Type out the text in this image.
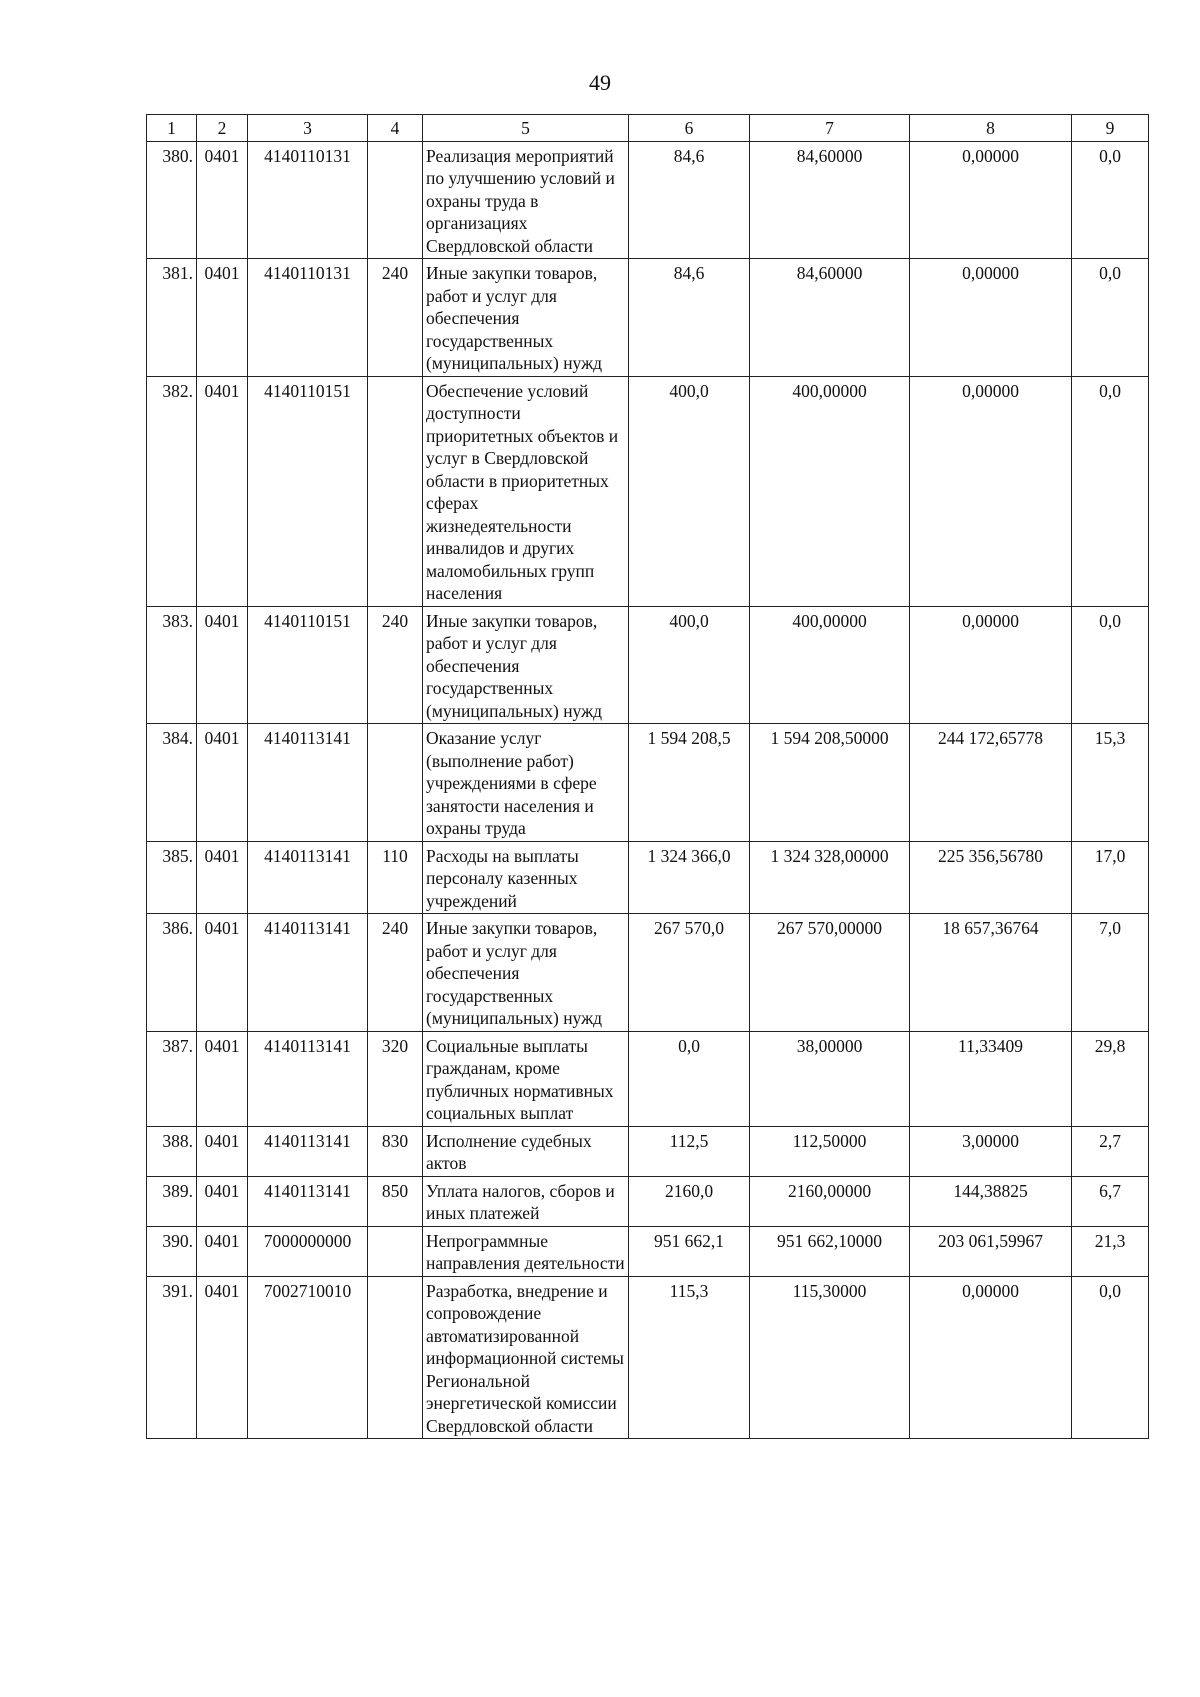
49
1	2	3	4	5	6	7	8	9
380.	0401	4140110131		Реализация мероприятий по улучшению условий и охраны труда в организациях Свердловской области	84,6	84,60000	0,00000	0,0
381.	0401	4140110131	240	Иные закупки товаров, работ и услуг для обеспечения государственных (муниципальных) нужд	84,6	84,60000	0,00000	0,0
382.	0401	4140110151		Обеспечение условий доступности приоритетных объектов и услуг в Свердловской области в приоритетных сферах жизнедеятельности инвалидов и других маломобильных групп населения	400,0	400,00000	0,00000	0,0
383.	0401	4140110151	240	Иные закупки товаров, работ и услуг для обеспечения государственных (муниципальных) нужд	400,0	400,00000	0,00000	0,0
384.	0401	4140113141		Оказание услуг (выполнение работ) учреждениями в сфере занятости населения и охраны труда	1 594 208,5	1 594 208,50000	244 172,65778	15,3
385.	0401	4140113141	110	Расходы на выплаты персоналу казенных учреждений	1 324 366,0	1 324 328,00000	225 356,56780	17,0
386.	0401	4140113141	240	Иные закупки товаров, работ и услуг для обеспечения государственных (муниципальных) нужд	267 570,0	267 570,00000	18 657,36764	7,0
387.	0401	4140113141	320	Социальные выплаты гражданам, кроме публичных нормативных социальных выплат	0,0	38,00000	11,33409	29,8
388.	0401	4140113141	830	Исполнение судебных актов	112,5	112,50000	3,00000	2,7
389.	0401	4140113141	850	Уплата налогов, сборов и иных платежей	2160,0	2160,00000	144,38825	6,7
390.	0401	7000000000		Непрограммные направления деятельности	951 662,1	951 662,10000	203 061,59967	21,3
391.	0401	7002710010		Разработка, внедрение и сопровождение автоматизированной информационной системы Региональной энергетической комиссии Свердловской области	115,3	115,30000	0,00000	0,0
